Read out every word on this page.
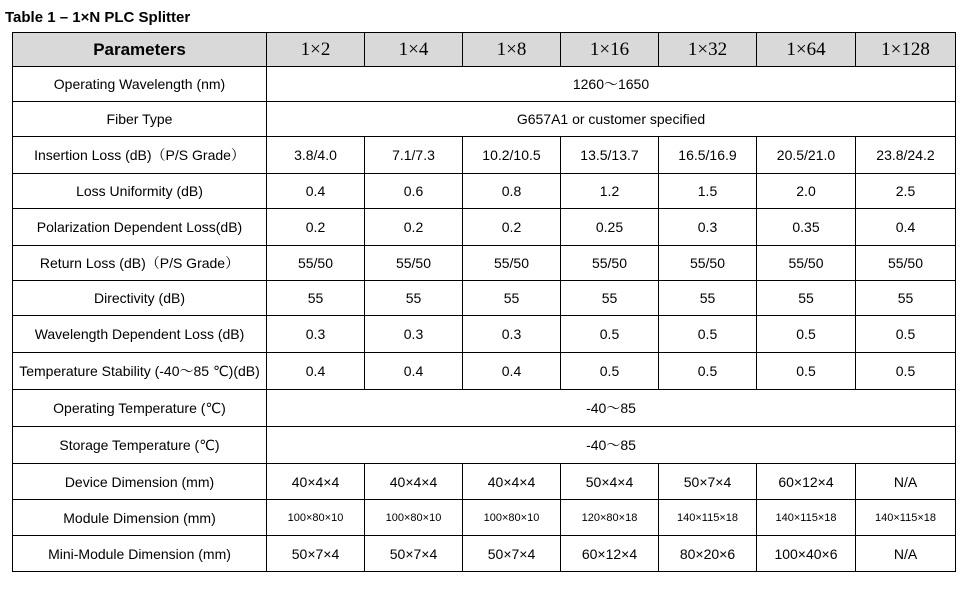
Table 1 – 1×N PLC Splitter
Parameters	1×2	1×4	1×8	1×16	1×32	1×64	1×128
Operating Wavelength (nm)	1260～1650						
Fiber Type	G657A1 or customer specified						
Insertion Loss (dB)（P/S Grade）	3.8/4.0	7.1/7.3	10.2/10.5	13.5/13.7	16.5/16.9	20.5/21.0	23.8/24.2
Loss Uniformity (dB)	0.4	0.6	0.8	1.2	1.5	2.0	2.5
Polarization Dependent Loss(dB)	0.2	0.2	0.2	0.25	0.3	0.35	0.4
Return Loss (dB)（P/S Grade）	55/50	55/50	55/50	55/50	55/50	55/50	55/50
Directivity (dB)	55	55	55	55	55	55	55
Wavelength Dependent Loss (dB)	0.3	0.3	0.3	0.5	0.5	0.5	0.5
Temperature Stability (-40～85 ℃)(dB)	0.4	0.4	0.4	0.5	0.5	0.5	0.5
Operating Temperature (℃)	-40～85						
Storage Temperature (℃)	-40～85						
Device Dimension (mm)	40×4×4	40×4×4	40×4×4	50×4×4	50×7×4	60×12×4	N/A
Module Dimension (mm)	100×80×10	100×80×10	100×80×10	120×80×18	140×115×18	140×115×18	140×115×18
Mini-Module Dimension (mm)	50×7×4	50×7×4	50×7×4	60×12×4	80×20×6	100×40×6	N/A
